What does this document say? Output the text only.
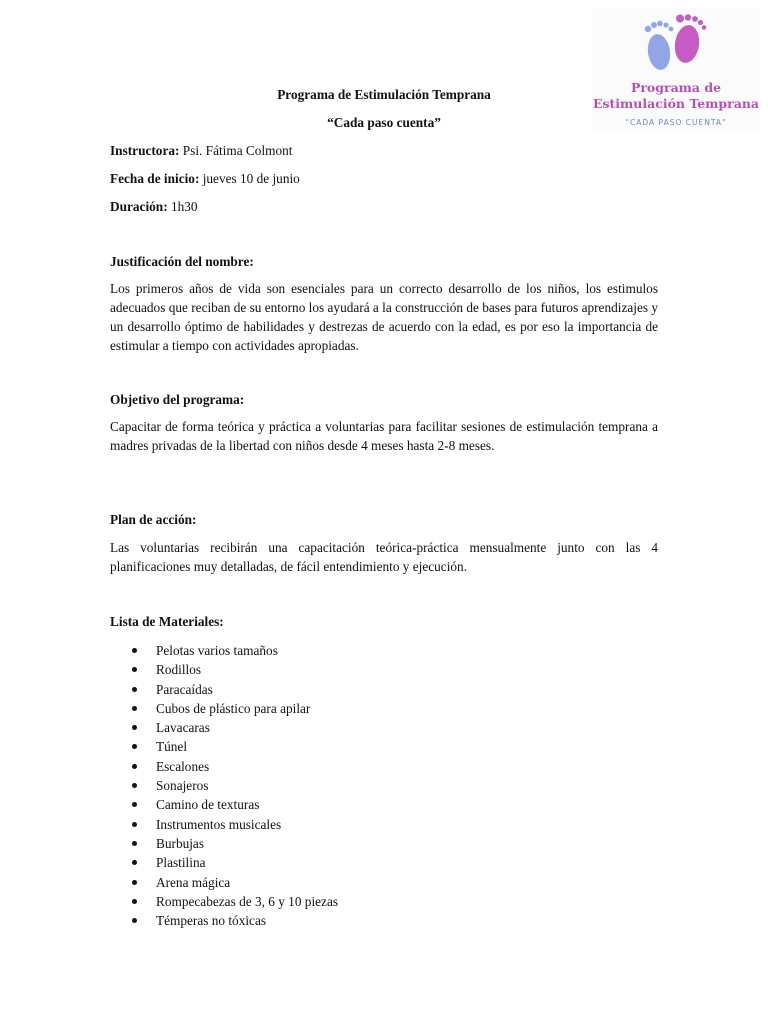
Programa de
Estimulación Temprana
"CADA PASO CUENTA"
Programa de Estimulación Temprana
“Cada paso cuenta”
Instructora: Psi. Fátima Colmont
Fecha de inicio: jueves 10 de junio
Duración: 1h30
Justificación del nombre:
Los primeros años de vida son esenciales para un correcto desarrollo de los niños, los estimulos adecuados que reciban de su entorno los ayudará a la construcción de bases para futuros aprendizajes y un desarrollo óptimo de habilidades y destrezas de acuerdo con la edad, es por eso la importancia de estimular a tiempo con actividades apropiadas.
Objetivo del programa:
Capacitar de forma teórica y práctica a voluntarias para facilitar sesiones de estimulación temprana a madres privadas de la libertad con niños desde 4 meses hasta 2-8 meses.
Plan de acción:
Las voluntarias recibirán una capacitación teórica-práctica mensualmente junto con las 4 planificaciones muy detalladas, de fácil entendimiento y ejecución.
Lista de Materiales:
Pelotas varios tamaños
Rodillos
Paracaídas
Cubos de plástico para apilar
Lavacaras
Túnel
Escalones
Sonajeros
Camino de texturas
Instrumentos musicales
Burbujas
Plastilina
Arena mágica
Rompecabezas de 3, 6 y 10 piezas
Témperas no tóxicas
